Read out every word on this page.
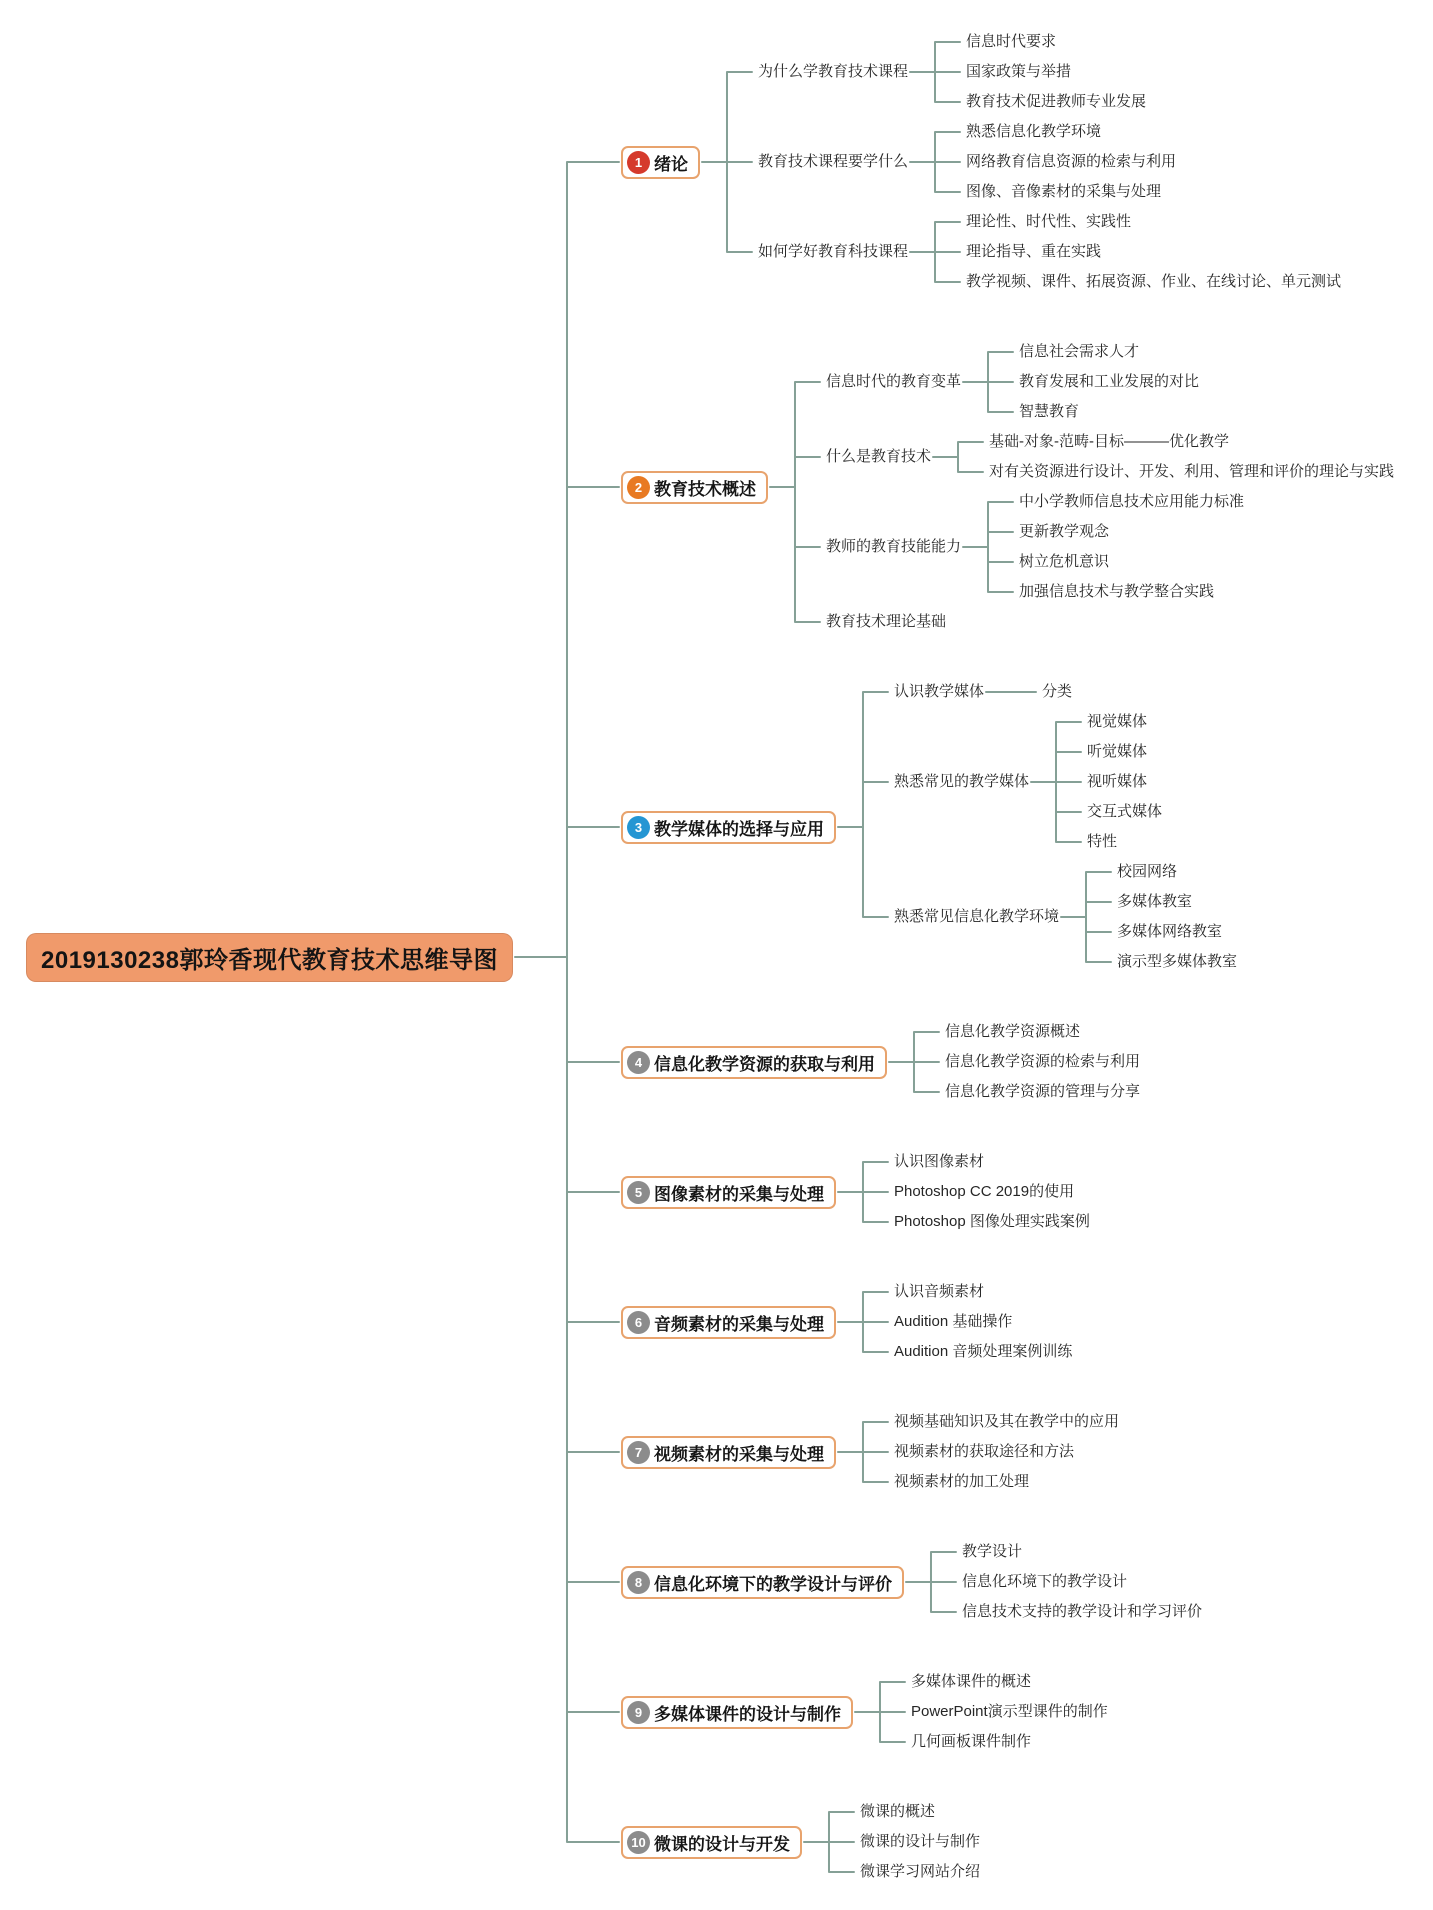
2019130238郭玲香现代教育技术思维导图
1 绪论
为什么学教育技术课程
信息时代要求
国家政策与举措
教育技术促进教师专业发展
教育技术课程要学什么
熟悉信息化教学环境
网络教育信息资源的检索与利用
图像、音像素材的采集与处理
如何学好教育科技课程
理论性、时代性、实践性
理论指导、重在实践
教学视频、课件、拓展资源、作业、在线讨论、单元测试
2 教育技术概述
信息时代的教育变革
信息社会需求人才
教育发展和工业发展的对比
智慧教育
什么是教育技术
基础-对象-范畴-目标———优化教学
对有关资源进行设计、开发、利用、管理和评价的理论与实践
教师的教育技能能力
中小学教师信息技术应用能力标准
更新教学观念
树立危机意识
加强信息技术与教学整合实践
教育技术理论基础
3 教学媒体的选择与应用
认识教学媒体	分类
熟悉常见的教学媒体
视觉媒体
听觉媒体
视听媒体
交互式媒体
特性
熟悉常见信息化教学环境
校园网络
多媒体教室
多媒体网络教室
演示型多媒体教室
4 信息化教学资源的获取与利用
信息化教学资源概述
信息化教学资源的检索与利用
信息化教学资源的管理与分享
5 图像素材的采集与处理
认识图像素材
Photoshop CC 2019的使用
Photoshop 图像处理实践案例
6 音频素材的采集与处理
认识音频素材
Audition 基础操作
Audition 音频处理案例训练
7 视频素材的采集与处理
视频基础知识及其在教学中的应用
视频素材的获取途径和方法
视频素材的加工处理
8 信息化环境下的教学设计与评价
教学设计
信息化环境下的教学设计
信息技术支持的教学设计和学习评价
9 多媒体课件的设计与制作
多媒体课件的概述
PowerPoint演示型课件的制作
几何画板课件制作
10 微课的设计与开发
微课的概述
微课的设计与制作
微课学习网站介绍
